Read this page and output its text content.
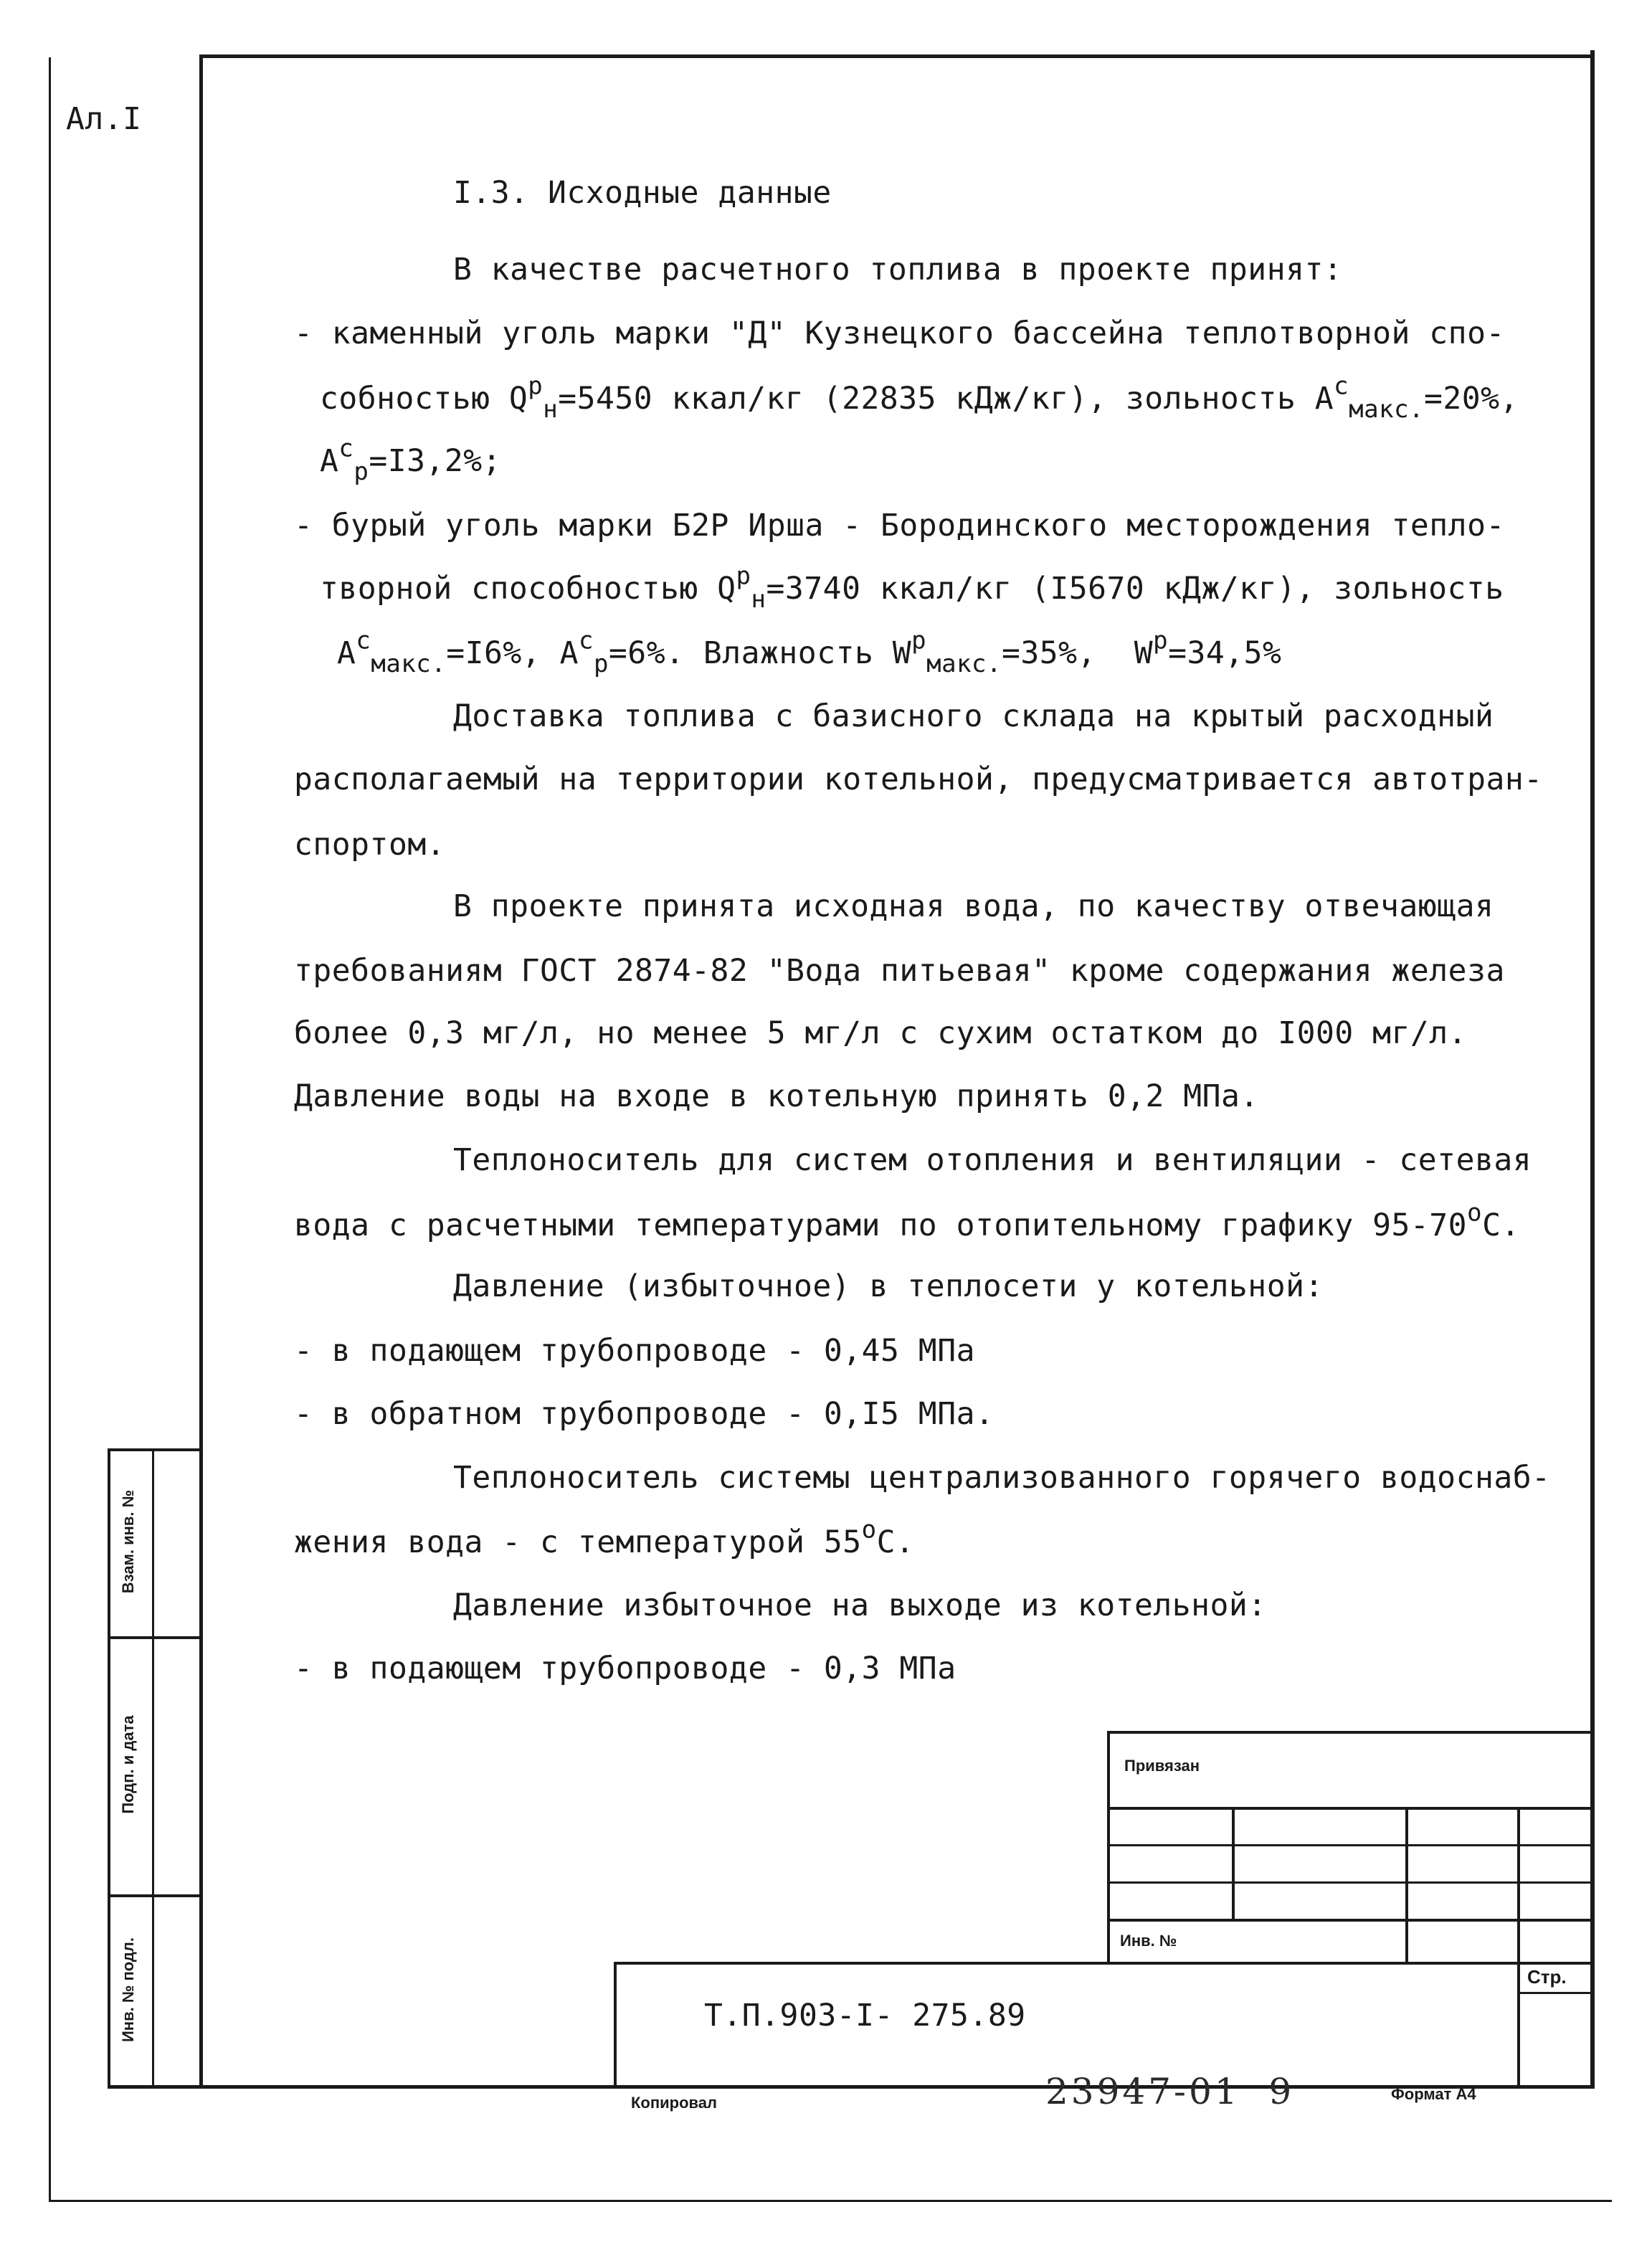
Ал.I
Взам. инв. №
Подп. и дата
Инв. № подл.
I.3. Исходные данные
В качестве расчетного топлива в проекте принят:
- каменный уголь марки "Д" Кузнецкого бассейна теплотворной спо-
собностью $Q^р_н=5450$ ккал/кг (22835 кДж/кг), зольность $A^с_{макс.}=20\%$,
$A^с_р=I3,2\%$;
- бурый уголь марки Б2Р Ирша - Бородинского месторождения тепло-
творной способностью $Q^р_н=3740$ ккал/кг (I5670 кДж/кг), зольность
$A^с_{макс.}=I6\%$, $A^с_р=6\%$. Влажность $W^р_{макс.}=35\%$,  $W^р=34,5\%$
Доставка топлива с базисного склада на крытый расходный
располагаемый на территории котельной, предусматривается автотран-
спортом.
В проекте принята исходная вода, по качеству отвечающая
требованиям ГОСТ 2874-82 "Вода питьевая" кроме содержания железа
более 0,3 мг/л, но менее 5 мг/л с сухим остатком до I000 мг/л.
Давление воды на входе в котельную принять 0,2 МПа.
Теплоноситель для систем отопления и вентиляции - сетевая
вода с расчетными температурами по отопительному графику $95-70^оC$.
Давление (избыточное) в теплосети у котельной:
- в подающем трубопроводе - 0,45 МПа
- в обратном трубопроводе - 0,I5 МПа.
Теплоноситель системы централизованного горячего водоснаб-
жения вода - с температурой $55^оC$.
Давление избыточное на выходе из котельной:
- в подающем трубопроводе - 0,3 МПа
Привязан
Инв. №
Стр.
Т.П.903-I- 275.89
Копировал	23947-01  9	Формат А4
